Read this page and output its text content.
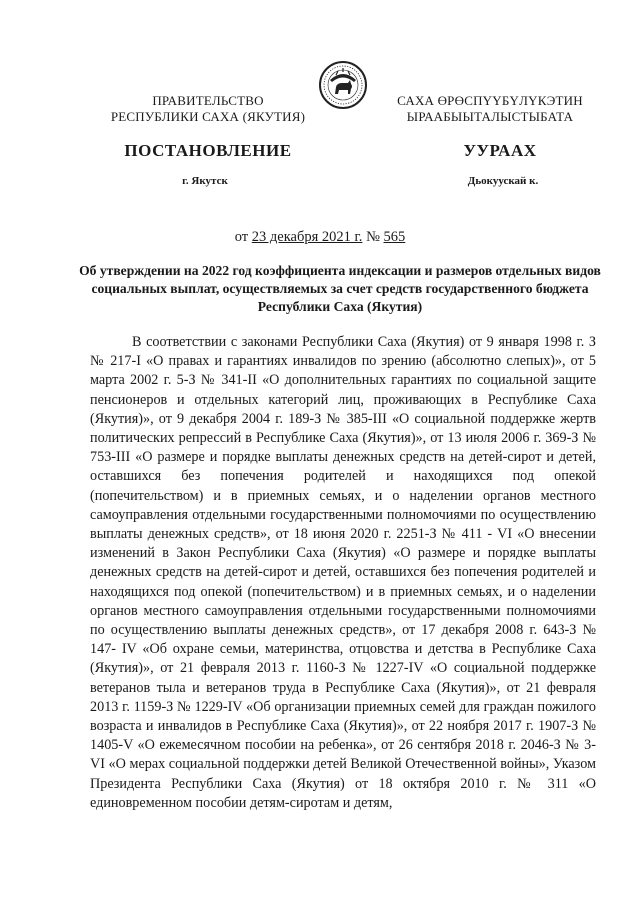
ПРАВИТЕЛЬСТВО
РЕСПУБЛИКИ САХА (ЯКУТИЯ)
САХА ӨРӨСПҮҮБҮЛҮКЭТИН
ЫРААБЫЫТАЛЫСТЫБАТА
ПОСТАНОВЛЕНИЕ	УУРААХ
г. Якутск	Дьокуускай к.
от 23 декабря 2021 г. № 565
Об утверждении на 2022 год коэффициента индексации и размеров отдельных видов социальных выплат, осуществляемых за счет средств государственного бюджета Республики Саха (Якутия)
В соответствии с законами Республики Саха (Якутия) от 9 января 1998 г. З № 217-I «О правах и гарантиях инвалидов по зрению (абсолютно слепых)», от 5 марта 2002 г. 5-З № 341-II «О дополнительных гарантиях по социальной защите пенсионеров и отдельных категорий лиц, проживающих в Республике Саха (Якутия)», от 9 декабря 2004 г. 189-З № 385-III «О социальной поддержке жертв политических репрессий в Республике Саха (Якутия)», от 13 июля 2006 г. 369-З № 753-III «О размере и порядке выплаты денежных средств на детей-сирот и детей, оставшихся без попечения родителей и находящихся под опекой (попечительством) и в приемных семьях, и о наделении органов местного самоуправления отдельными государственными полномочиями по осуществлению выплаты денежных средств», от 18 июня 2020 г. 2251-З № 411 - VI «О внесении изменений в Закон Республики Саха (Якутия) «О размере и порядке выплаты денежных средств на детей-сирот и детей, оставшихся без попечения родителей и находящихся под опекой (попечительством) и в приемных семьях, и о наделении органов местного самоуправления отдельными государственными полномочиями по осуществлению выплаты денежных средств», от 17 декабря 2008 г. 643-З № 147- IV «Об охране семьи, материнства, отцовства и детства в Республике Саха (Якутия)», от 21 февраля 2013 г. 1160-З № 1227-IV «О социальной поддержке ветеранов тыла и ветеранов труда в Республике Саха (Якутия)», от 21 февраля 2013 г. 1159-З № 1229-IV «Об организации приемных семей для граждан пожилого возраста и инвалидов в Республике Саха (Якутия)», от 22 ноября 2017 г. 1907-З № 1405-V «О ежемесячном пособии на ребенка», от 26 сентября 2018 г. 2046-З № 3-VI «О мерах социальной поддержки детей Великой Отечественной войны», Указом Президента Республики Саха (Якутия) от 18 октября 2010 г. № 311 «О единовременном пособии детям-сиротам и детям,
